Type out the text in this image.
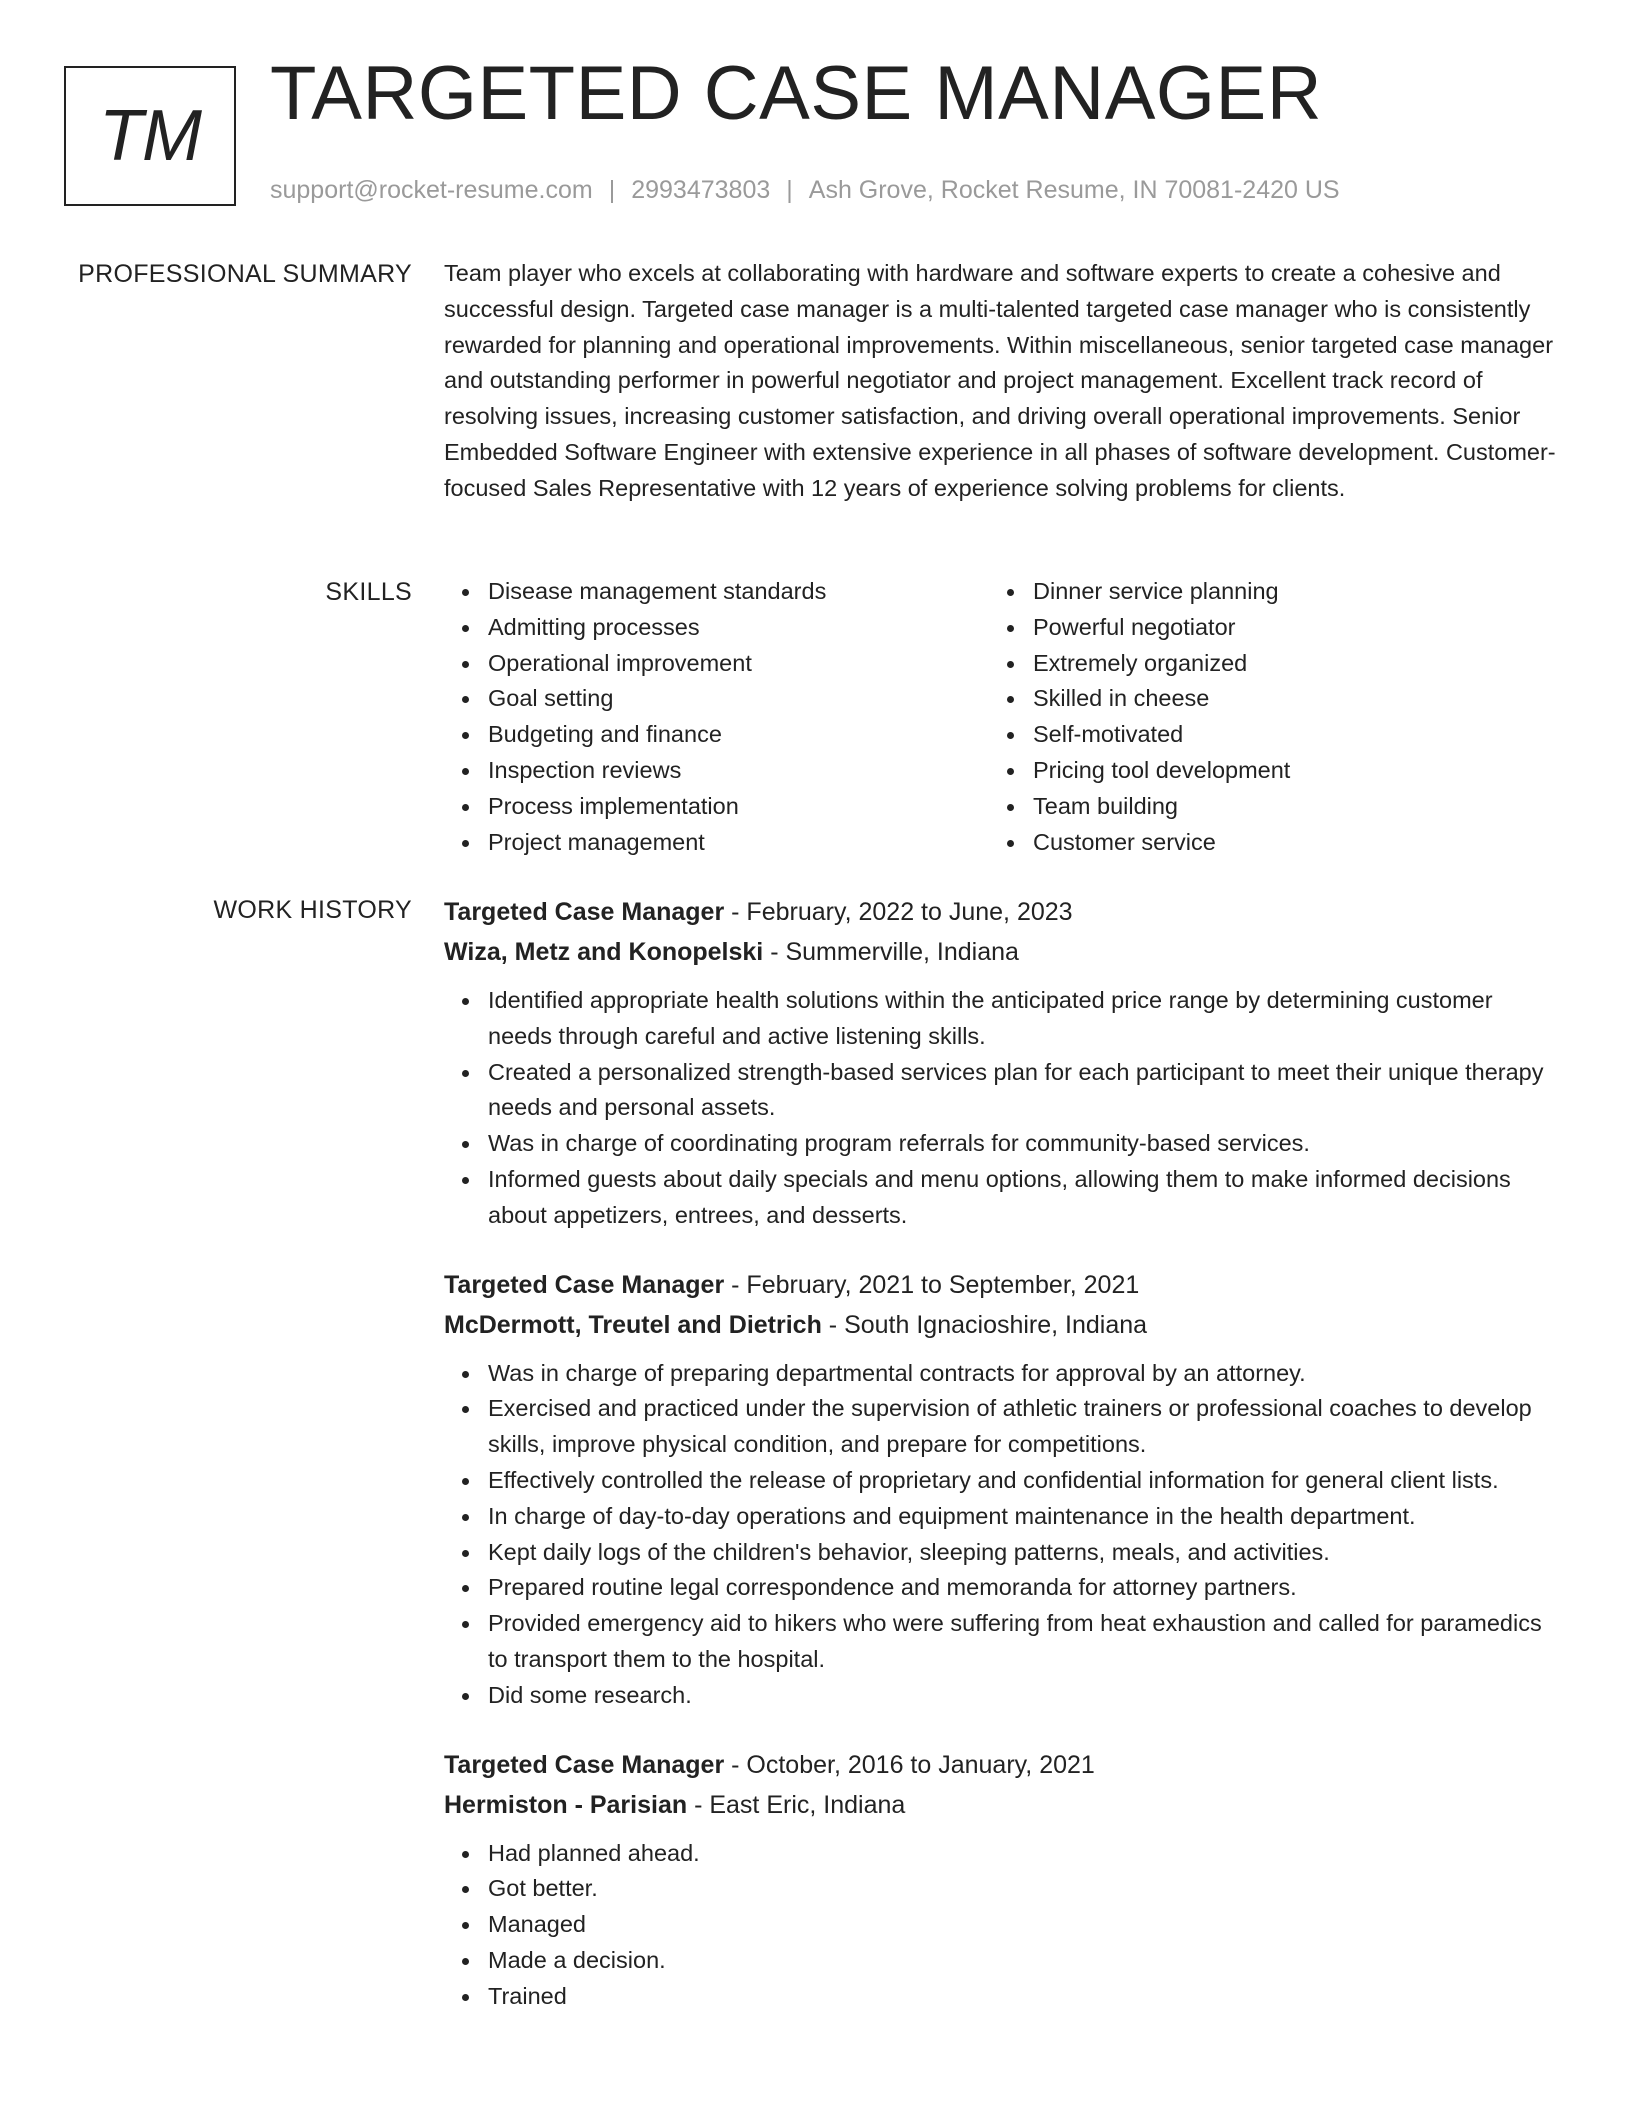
TM TARGETED CASE MANAGER
support@rocket-resume.com | 2993473803 | Ash Grove, Rocket Resume, IN 70081-2420 US
PROFESSIONAL SUMMARY Team player who excels at collaborating with hardware and software experts to create a cohesive and successful design. Targeted case manager is a multi-talented targeted case manager who is consistently rewarded for planning and operational improvements. Within miscellaneous, senior targeted case manager and outstanding performer in powerful negotiator and project management. Excellent track record of resolving issues, increasing customer satisfaction, and driving overall operational improvements. Senior Embedded Software Engineer with extensive experience in all phases of software development. Customer-focused Sales Representative with 12 years of experience solving problems for clients.

SKILLS	Disease management standards
Admitting processes
Operational improvement
Goal setting
Budgeting and finance
Inspection reviews
Process implementation
Project management
Dinner service planning
Powerful negotiator
Extremely organized
Skilled in cheese
Self-motivated
Pricing tool development
Team building
Customer service
WORK HISTORY Targeted Case Manager - February, 2022 to June, 2023
Wiza, Metz and Konopelski - Summerville, Indiana
Identified appropriate health solutions within the anticipated price range by determining customer needs through careful and active listening skills.
Created a personalized strength-based services plan for each participant to meet their unique therapy needs and personal assets.
Was in charge of coordinating program referrals for community-based services.
Informed guests about daily specials and menu options, allowing them to make informed decisions about appetizers, entrees, and desserts.
Targeted Case Manager - February, 2021 to September, 2021
McDermott, Treutel and Dietrich - South Ignacioshire, Indiana
Was in charge of preparing departmental contracts for approval by an attorney.
Exercised and practiced under the supervision of athletic trainers or professional coaches to develop skills, improve physical condition, and prepare for competitions.
Effectively controlled the release of proprietary and confidential information for general client lists.
In charge of day-to-day operations and equipment maintenance in the health department.
Kept daily logs of the children's behavior, sleeping patterns, meals, and activities.
Prepared routine legal correspondence and memoranda for attorney partners.
Provided emergency aid to hikers who were suffering from heat exhaustion and called for paramedics to transport them to the hospital.
Did some research.
Targeted Case Manager - October, 2016 to January, 2021
Hermiston - Parisian - East Eric, Indiana
Had planned ahead.
Got better.
Managed
Made a decision.
Trained
